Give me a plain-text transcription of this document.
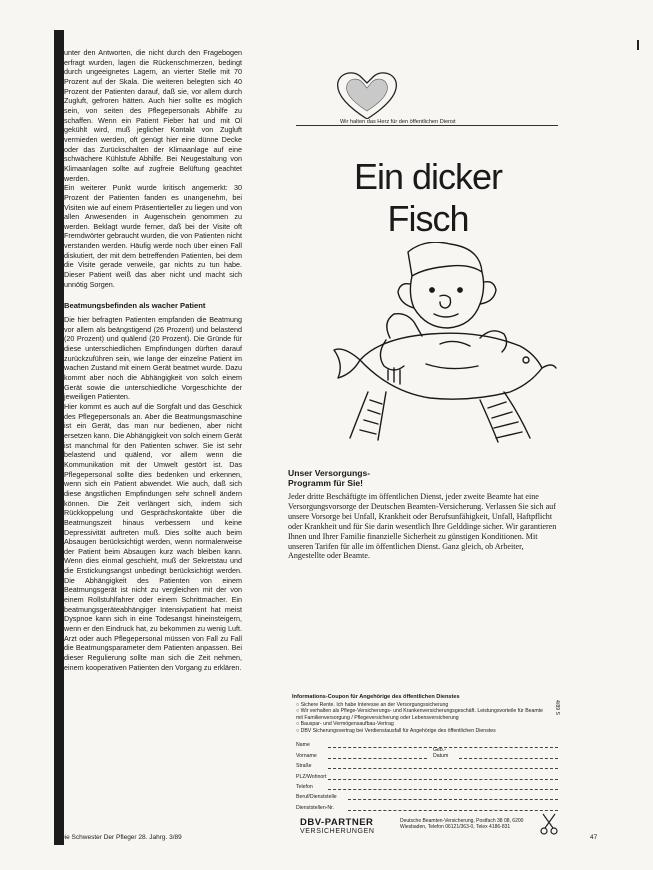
unter den Antworten, die nicht durch den Fragebogen erfragt wurden, lagen die Rückenschmerzen, bedingt durch ungeeignetes Lagern, an vierter Stelle mit 70 Prozent auf der Skala. Die weiteren belegten sich 40 Prozent der Patienten darauf, daß sie, vor allem durch Zugluft, gefroren hätten. Auch hier sollte es möglich sein, von seiten des Pflegepersonals Abhilfe zu schaffen. Wenn ein Patient Fieber hat und mit Ol gekühlt wird, muß jeglicher Kontakt von Zugluft vermieden werden, oft genügt hier eine dünne Decke oder das Zurückschalten der Klimaanlage auf eine schwächere Kühlstufe Abhilfe. Bei Neugestaltung von Klimaanlagen sollte auf zugfreie Belüftung geachtet werden.

Ein weiterer Punkt wurde kritisch angemerkt: 30 Prozent der Patienten fanden es unangenehm, bei Visiten wie auf einem Präsentierteller zu liegen und von allen Anwesenden in Augenschein genommen zu werden. Beklagt wurde ferner, daß bei der Visite oft Fremdwörter gebraucht wurden, die von Patienten nicht verstanden werden. Häufig werde noch über einen Fall diskutiert, der mit dem betreffenden Patienten, bei dem die Visite gerade verweile, gar nichts zu tun habe. Dieser Patient weiß das aber nicht und macht sich unnötig Sorgen.

Beatmungsbefinden als wacher Patient

Die hier befragten Patienten empfanden die Beatmung vor allem als beängstigend (26 Prozent) und belastend (20 Prozent) und quälend (20 Prozent). Die Gründe für diese unterschiedlichen Empfindungen dürften darauf zurückzuführen sein, wie lange der einzelne Patient im wachen Zustand mit einem Gerät beatmet wurde. Dazu kommt aber noch die Abhängigkeit von solch einem Gerät sowie die unterschiedliche Vorgeschichte der jeweiligen Patienten.

Hier kommt es auch auf die Sorgfalt und das Geschick des Pflegepersonals an. Aber die Beatmungsmaschine ist ein Gerät, das man nur bedienen, aber nicht ersetzen kann. Die Abhängigkeit von solch einem Gerät ist manchmal für den Patienten schwer. Sie ist sehr belastend und quälend, vor allem wenn die Kommunikation mit der Umwelt gestört ist. Das Pflegepersonal sollte dies bedenken und erkennen, wenn sich ein Patient abwendet. Wie auch, daß sich diese ängstlichen Empfindungen sehr schnell ändern können. Die Zeit verlängert sich, indem sich Rückkoppelung und Gesprächskontakte über die Beatmungszeit hinaus verbessern und keine Depressivität auftreten muß. Dies sollte auch beim Absaugen berücksichtigt werden, wenn normalerweise der Patient beim Absaugen kurz wach bleiben kann. Wenn dies einmal geschieht, muß der Sekretstau und die Erstickungsangst unbedingt berücksichtigt werden. Die Abhängigkeit des Patienten von einem Beatmungsgerät ist nicht zu vergleichen mit der von einem Rollstuhlfahrer oder einem Schrittmacher. Ein beatmungsgeräteabhängiger Intensivpatient hat meist Dyspnoe kann sich in eine Todesangst hineinsteigern, wenn er den Eindruck hat, zu bekommen zu wenig Luft. Arzt oder auch Pflegepersonal müssen von Fall zu Fall die Beatmungsparameter dem Patienten anpassen. Bei dieser Regulierung sollte man sich die Zeit nehmen, einem kooperativen Patienten den Vorgang zu erklären.

Die Schwester Der Pfleger 28. Jahrg. 3/89	47
Wir halten das Herz für den öffentlichen Dienst
Ein dicker
Fisch
Unser Versorgungs-
Programm für Sie!

Jeder dritte Beschäftigte im öffentlichen Dienst, jeder zweite Beamte hat eine Versorgungsvorsorge der Deutschen Beamten-Versicherung. Verlassen Sie sich auf unsere Vorsorge bei Unfall, Krankheit oder Berufsunfähigkeit, Unfall, Haftpflicht oder Krankheit und für Sie darin wesentlich Ihre Gelddinge sicher. Wir garantieren Ihnen und Ihrer Familie finanzielle Sicherheit zu günstigen Konditionen. Mit unseren Tarifen für alle im öffentlichen Dienst. Ganz gleich, ob Arbeiter, Angestellte oder Beamte.

Informations-Coupon für Angehörige des öffentlichen Dienstes
○ Sichere Rente. Ich habe Interesse an der Versorgungssicherung
○ Wir verhalten als Pflege-Versicherungs- und Krankenversicherungsgeschäft. Leistungsvorteile für Beamte
mit Familienversorgung / Pflegeversicherung oder Lebensversicherung
○ Bauspar- und Vermögensaufbau-Vertrag
○ DBV Sicherungsvertrag bei Verdienstausfall für Angehörige des öffentlichen Dienstes
4/89 S
Name
Vorname
Geb.-Datum
Straße
PLZ/Wohnort
Telefon
Beruf/Dienststelle
Dienststellen-Nr.
DBV-PARTNER
VERSICHERUNGEN
Deutsche Beamten-Versicherung, Postfach 38 08, 6200 Wiesbaden, Telefon 06121/363-0, Telex 4186-831
